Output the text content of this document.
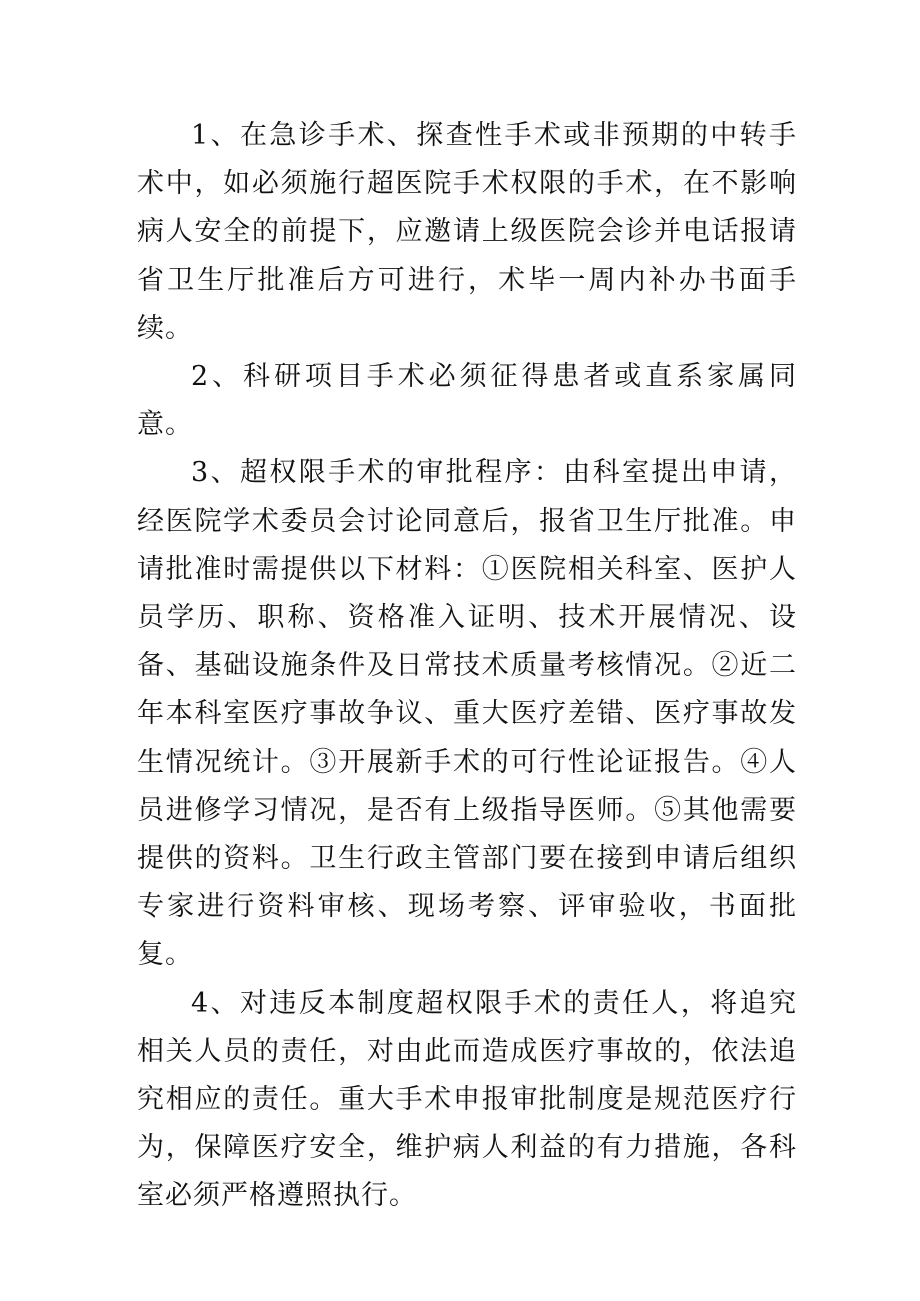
1、在急诊手术、探查性手术或非预期的中转手术中，如必须施行超医院手术权限的手术，在不影响病人安全的前提下，应邀请上级医院会诊并电话报请省卫生厅批准后方可进行，术毕一周内补办书面手续。

2、科研项目手术必须征得患者或直系家属同意。

3、超权限手术的审批程序：由科室提出申请，经医院学术委员会讨论同意后，报省卫生厅批准。申请批准时需提供以下材料：①医院相关科室、医护人员学历、职称、资格准入证明、技术开展情况、设备、基础设施条件及日常技术质量考核情况。②近二年本科室医疗事故争议、重大医疗差错、医疗事故发生情况统计。③开展新手术的可行性论证报告。④人员进修学习情况，是否有上级指导医师。⑤其他需要提供的资料。卫生行政主管部门要在接到申请后组织专家进行资料审核、现场考察、评审验收，书面批复。

4、对违反本制度超权限手术的责任人，将追究相关人员的责任，对由此而造成医疗事故的，依法追究相应的责任。重大手术申报审批制度是规范医疗行为，保障医疗安全，维护病人利益的有力措施，各科室必须严格遵照执行。
